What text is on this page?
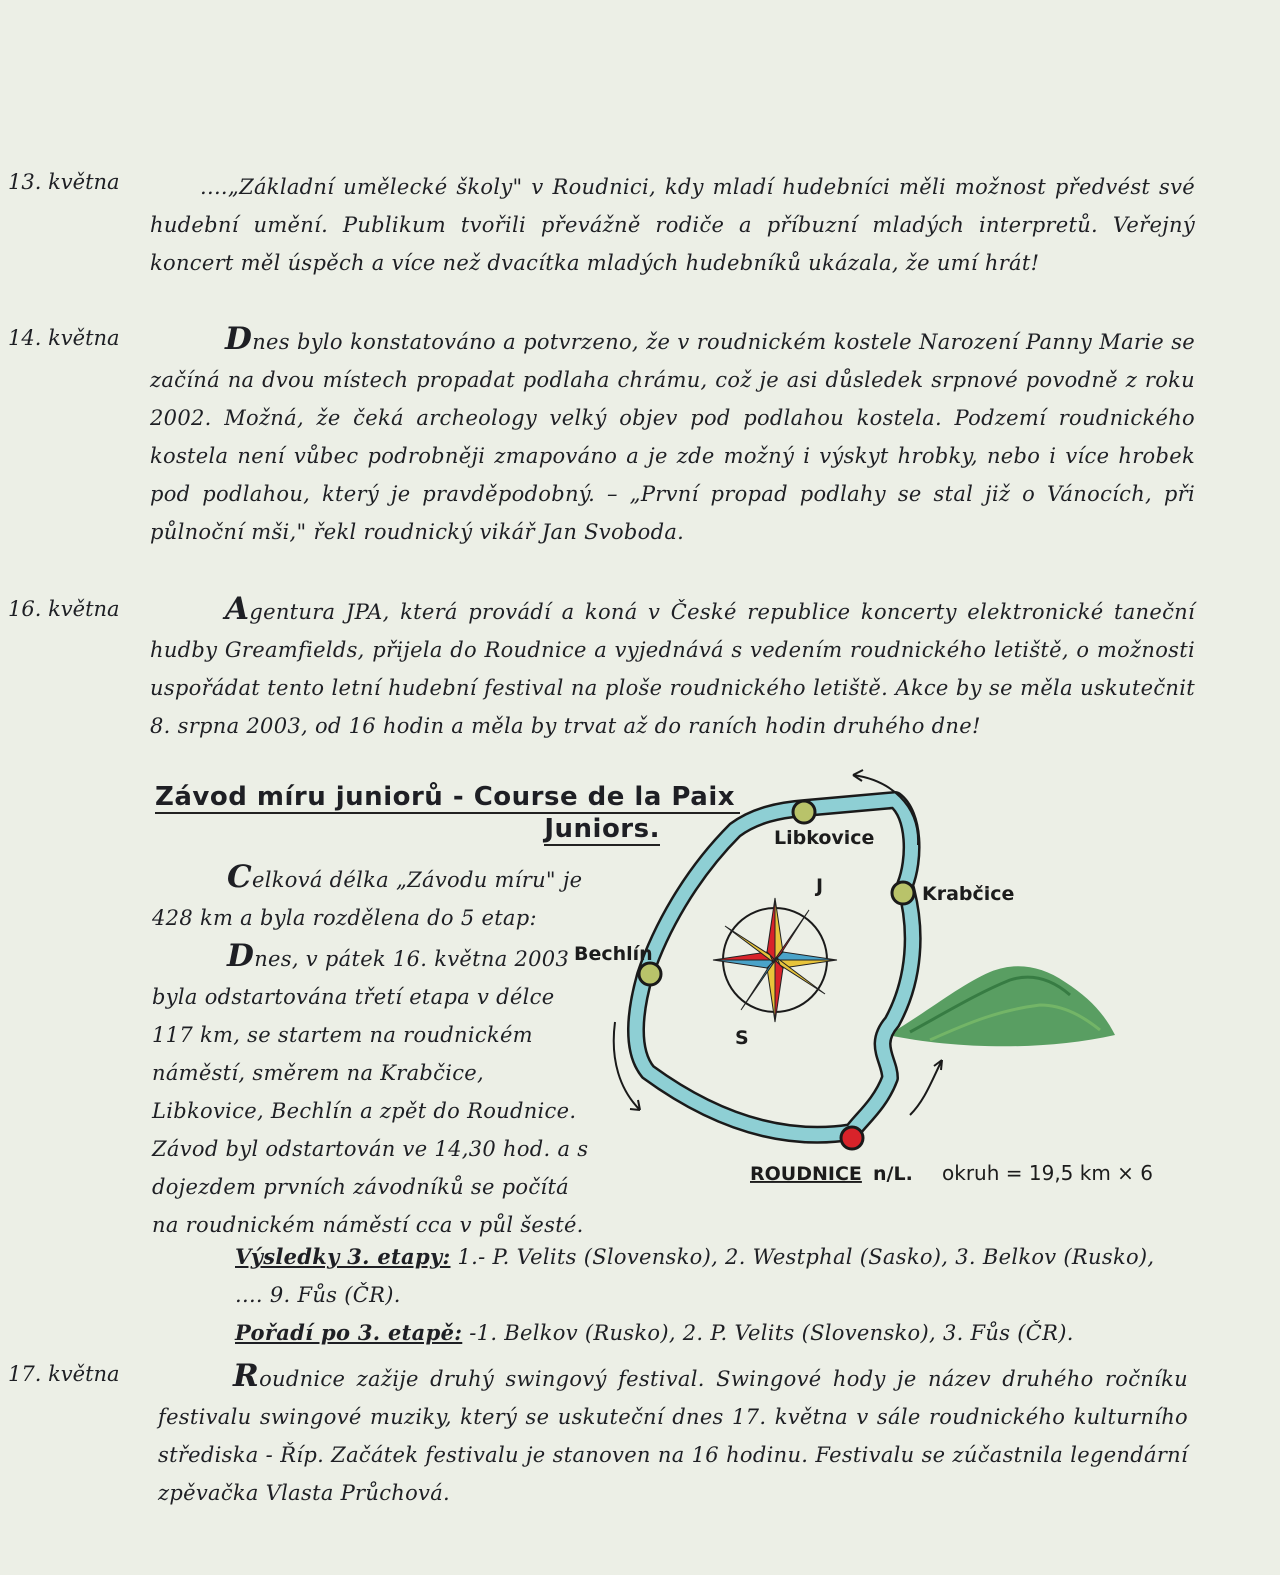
13. května	....„Základní umělecké školy" v Roudnici, kdy mladí hudebníci měli možnost předvést své hudební umění. Publikum tvořili převážně rodiče a příbuzní mladých interpretů. Veřejný koncert měl úspěch a více než dvacítka mladých hudebníků ukázala, že umí hrát!
14. května	Dnes bylo konstatováno a potvrzeno, že v roudnickém kostele Narození Panny Marie se začíná na dvou místech propadat podlaha chrámu, což je asi důsledek srpnové povodně z roku 2002. Možná, že čeká archeology velký objev pod podlahou kostela. Podzemí roudnického kostela není vůbec podrobněji zmapováno a je zde možný i výskyt hrobky, nebo i více hrobek pod podlahou, který je pravděpodobný. – „První propad podlahy se stal již o Vánocích, při půlnoční mši," řekl roudnický vikář Jan Svoboda.
16. května	Agentura JPA, která provádí a koná v České republice koncerty elektronické taneční hudby Greamfields, přijela do Roudnice a vyjednává s vedením roudnického letiště, o možnosti uspořádat tento letní hudební festival na ploše roudnického letiště. Akce by se měla uskutečnit 8. srpna 2003, od 16 hodin a měla by trvat až do raních hodin druhého dne!
Závod míru juniorů - Course de la Paix
Juniors.
Celková délka „Závodu míru" je 428 km a byla rozdělena do 5 etap:
Dnes, v pátek 16. května 2003 byla odstartována třetí etapa v délce 117 km, se startem na roudnickém náměstí, směrem na Krabčice, Libkovice, Bechlín a zpět do Roudnice. Závod byl odstartován ve 14,30 hod. a s dojezdem prvních závodníků se počítá na roudnickém náměstí cca v půl šesté.
Výsledky 3. etapy: 1.- P. Velits (Slovensko), 2. Westphal (Sasko), 3. Belkov (Rusko), .... 9. Fůs (ČR).
Pořadí po 3. etapě: -1. Belkov (Rusko), 2. P. Velits (Slovensko), 3. Fůs (ČR).
J
S
Libkovice
Krabčice
Bechlín
ROUDNICE n/L. okruh = 19,5 km × 6
17. května	Roudnice zažije druhý swingový festival. Swingové hody je název druhého ročníku festivalu swingové muziky, který se uskuteční dnes 17. května v sále roudnického kulturního střediska - Říp. Začátek festivalu je stanoven na 16 hodinu. Festivalu se zúčastnila legendární zpěvačka Vlasta Průchová.
